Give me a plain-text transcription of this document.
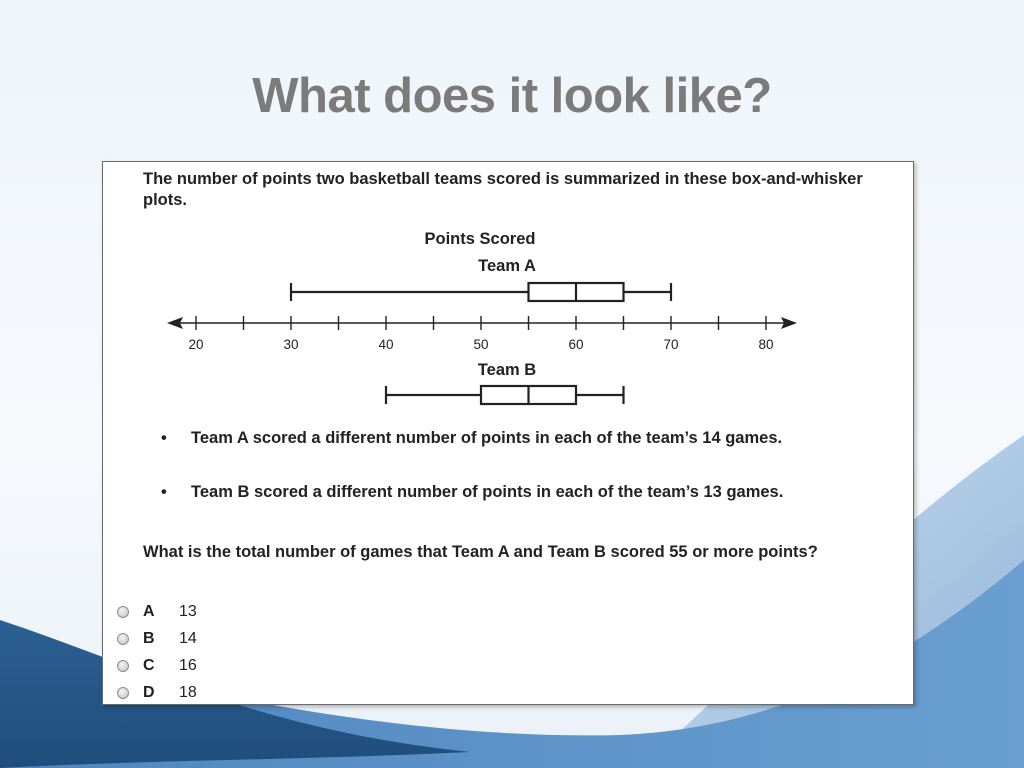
What does it look like?

The number of points two basketball teams scored is summarized in these box-and-whisker plots.

Points Scored
20	30	40	50	60	70	80
Team A
Team B
• Team A scored a different number of points in each of the team’s 14 games.
• Team B scored a different number of points in each of the team’s 13 games.

What is the total number of games that Team A and Team B scored 55 or more points?

A 13
B 14
C 16
D 18
